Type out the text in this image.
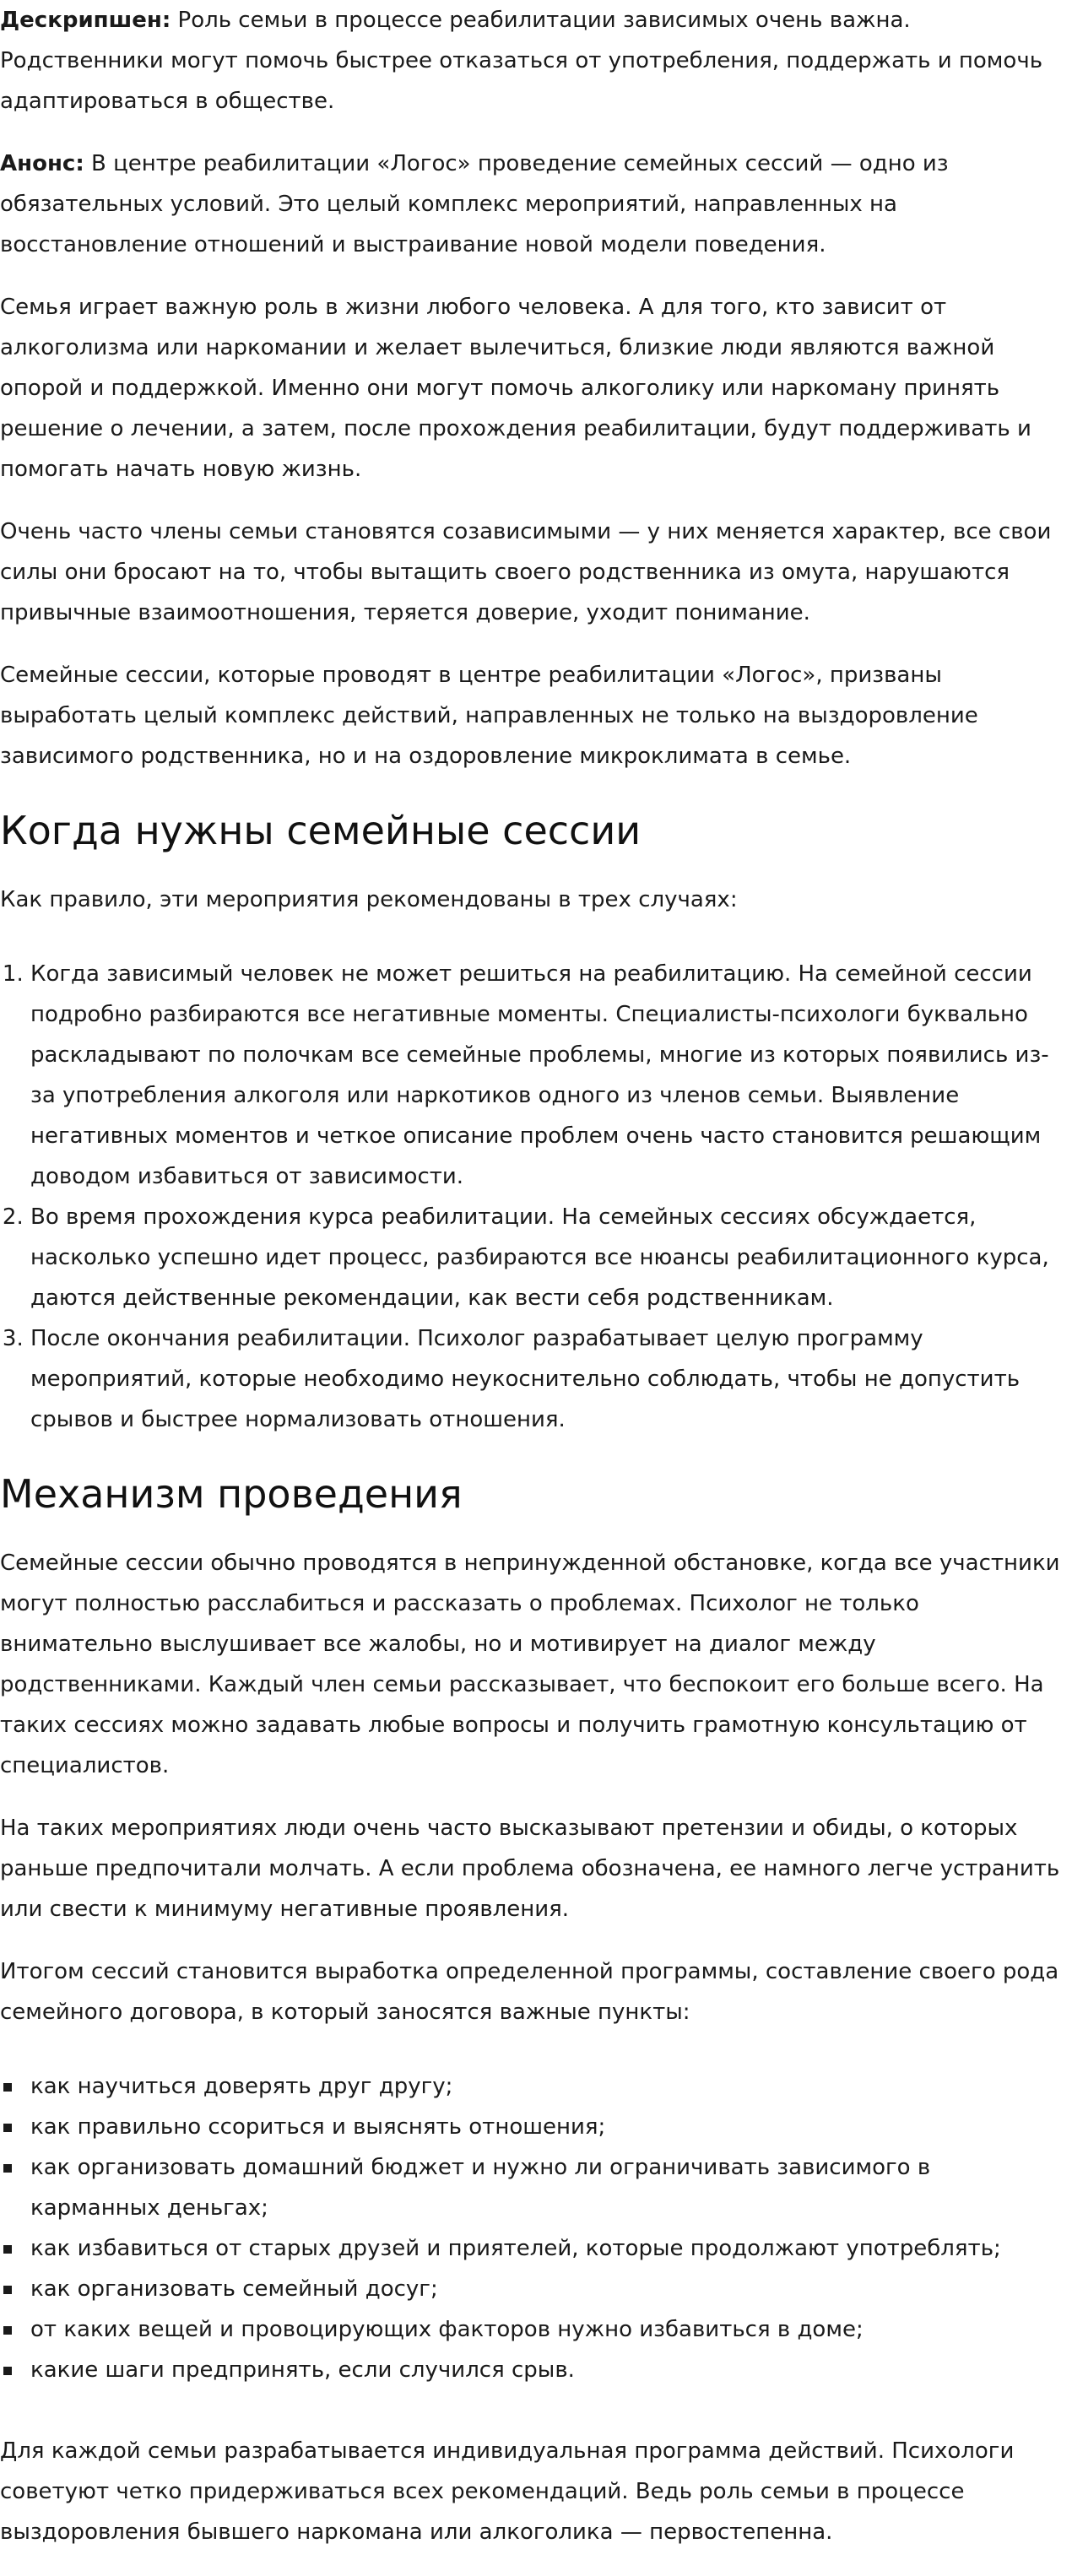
Дескрипшен: Роль семьи в процессе реабилитации зависимых очень важна. Родственники могут помочь быстрее отказаться от употребления, поддержать и помочь адаптироваться в обществе.

Анонс: В центре реабилитации «Логос» проведение семейных сессий — одно из обязательных условий. Это целый комплекс мероприятий, направленных на восстановление отношений и выстраивание новой модели поведения.

Семья играет важную роль в жизни любого человека. А для того, кто зависит от алкоголизма или наркомании и желает вылечиться, близкие люди являются важной опорой и поддержкой. Именно они могут помочь алкоголику или наркоману принять решение о лечении, а затем, после прохождения реабилитации, будут поддерживать и помогать начать новую жизнь.

Очень часто члены семьи становятся созависимыми — у них меняется характер, все свои силы они бросают на то, чтобы вытащить своего родственника из омута, нарушаются привычные взаимоотношения, теряется доверие, уходит понимание.

Семейные сессии, которые проводят в центре реабилитации «Логос», призваны выработать целый комплекс действий, направленных не только на выздоровление зависимого родственника, но и на оздоровление микроклимата в семье.

Когда нужны семейные сессии

Как правило, эти мероприятия рекомендованы в трех случаях:

1. Когда зависимый человек не может решиться на реабилитацию. На семейной сессии подробно разбираются все негативные моменты. Специалисты-психологи буквально раскладывают по полочкам все семейные проблемы, многие из которых появились из-за употребления алкоголя или наркотиков одного из членов семьи. Выявление негативных моментов и четкое описание проблем очень часто становится решающим доводом избавиться от зависимости.
2. Во время прохождения курса реабилитации. На семейных сессиях обсуждается, насколько успешно идет процесс, разбираются все нюансы реабилитационного курса, даются действенные рекомендации, как вести себя родственникам.
3. После окончания реабилитации. Психолог разрабатывает целую программу мероприятий, которые необходимо неукоснительно соблюдать, чтобы не допустить срывов и быстрее нормализовать отношения.
Механизм проведения

Семейные сессии обычно проводятся в непринужденной обстановке, когда все участники могут полностью расслабиться и рассказать о проблемах. Психолог не только внимательно выслушивает все жалобы, но и мотивирует на диалог между родственниками. Каждый член семьи рассказывает, что беспокоит его больше всего. На таких сессиях можно задавать любые вопросы и получить грамотную консультацию от специалистов.

На таких мероприятиях люди очень часто высказывают претензии и обиды, о которых раньше предпочитали молчать. А если проблема обозначена, ее намного легче устранить или свести к минимуму негативные проявления.

Итогом сессий становится выработка определенной программы, составление своего рода семейного договора, в который заносятся важные пункты:

как научиться доверять друг другу;
как правильно ссориться и выяснять отношения;
как организовать домашний бюджет и нужно ли ограничивать зависимого в карманных деньгах;
как избавиться от старых друзей и приятелей, которые продолжают употреблять;
как организовать семейный досуг;
от каких вещей и провоцирующих факторов нужно избавиться в доме;
какие шаги предпринять, если случился срыв.

Для каждой семьи разрабатывается индивидуальная программа действий. Психологи советуют четко придерживаться всех рекомендаций. Ведь роль семьи в процессе выздоровления бывшего наркомана или алкоголика — первостепенна.
